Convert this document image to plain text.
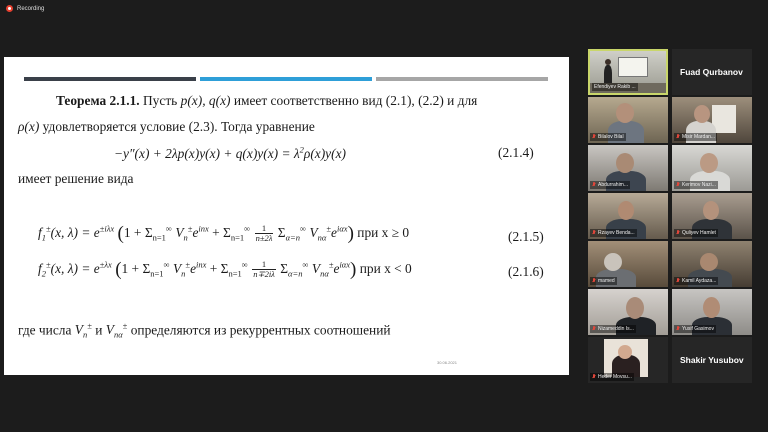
Recording
Теорема 2.1.1. Пусть p(x), q(x) имеет соответственно вид (2.1), (2.2) и для
ρ(x) удовлетворяется условие (2.3). Тогда уравнение
$-y''(x) + 2\lambda p(x)y(x) + q(x)y(x) = \lambda^2\rho(x)y(x)$	(2.1.4)
имеет решение вида
$f_1^\pm(x$, $\lambda) = e^{\pm i\lambda x}$ ($1 + \Sigma_{n=1}^\infty$ $V_n^\pm e^{inx} + \Sigma_{n=1}^\infty \frac{1}{n\pm 2\lambda} \Sigma_{\alpha=n}^\infty$ $V_{n\alpha}^\pm e^{i\alpha x}$) при x ≥ 0	(2.1.5)
$f_2^\pm(x$, $\lambda) = e^{\pm\lambda x}$ ($1 + \Sigma_{n=1}^\infty$ $V_n^\pm e^{inx} + \Sigma_{n=1}^\infty \frac{1}{n\mp 2i\lambda} \Sigma_{\alpha=n}^\infty$ $V_{n\alpha}^\pm e^{i\alpha x}$) при x < 0	(2.1.6)
где числа $V_n^\pm$ и $V_{n\alpha}^\pm$ определяются из рекуррентных соотношений
30.06.2021
Efendiyev Rakib ...
Fuad Qurbanov
Bilalov Bilal	Misir Mardan...
Abdurrahim...	Kerimov Nazi...
Rzayev Benda...	Quliyev Hamlet
mamed	Kamil Aydaza...
Nizameddin Is...	Yusif Gasimov
Heder Movsu...
Shakir Yusubov
